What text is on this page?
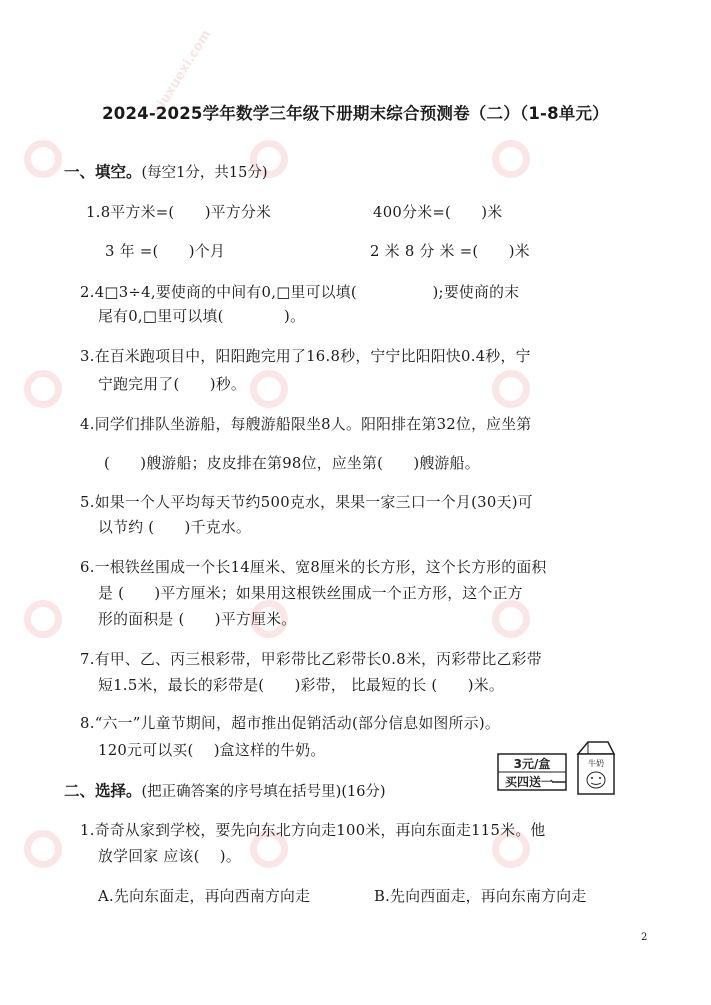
niuxuexi.com
2024-2025学年数学三年级下册期末综合预测卷（二）（1-8单元）
一、填空。(每空1分，共15分)
1.8平方米=(　　)平方分米	400分米=(　　)米
3 年 =(　　)个月	2 米 8 分 米 =(　　)米
2.4□3÷4,要使商的中间有0,□里可以填(　　　　　);要使商的末
尾有0,□里可以填(　　　　)。
3.在百米跑项目中，阳阳跑完用了16.8秒，宁宁比阳阳快0.4秒，宁
宁跑完用了(　　)秒。
4.同学们排队坐游船，每艘游船限坐8人。阳阳排在第32位，应坐第
(　　)艘游船；皮皮排在第98位，应坐第(　　)艘游船。
5.如果一个人平均每天节约500克水，果果一家三口一个月(30天)可
以节约 (　　)千克水。
6.一根铁丝围成一个长14厘米、宽8厘米的长方形，这个长方形的面积
是 (　　)平方厘米；如果用这根铁丝围成一个正方形，这个正方
形的面积是 (　　)平方厘米。
7.有甲、乙、丙三根彩带，甲彩带比乙彩带长0.8米，丙彩带比乙彩带
短1.5米，最长的彩带是(　　)彩带， 比最短的长 (　　)米。
8.“六一”儿童节期间，超市推出促销活动(部分信息如图所示)。
120元可以买(　 )盒这样的牛奶。
3元/盒
买四送一
牛奶
二、选择。(把正确答案的序号填在括号里)(16分)
1.奇奇从家到学校，要先向东北方向走100米，再向东面走115米。他
放学回家 应该(　 )。
A.先向东面走，再向西南方向走	B.先向西面走，再向东南方向走
2
